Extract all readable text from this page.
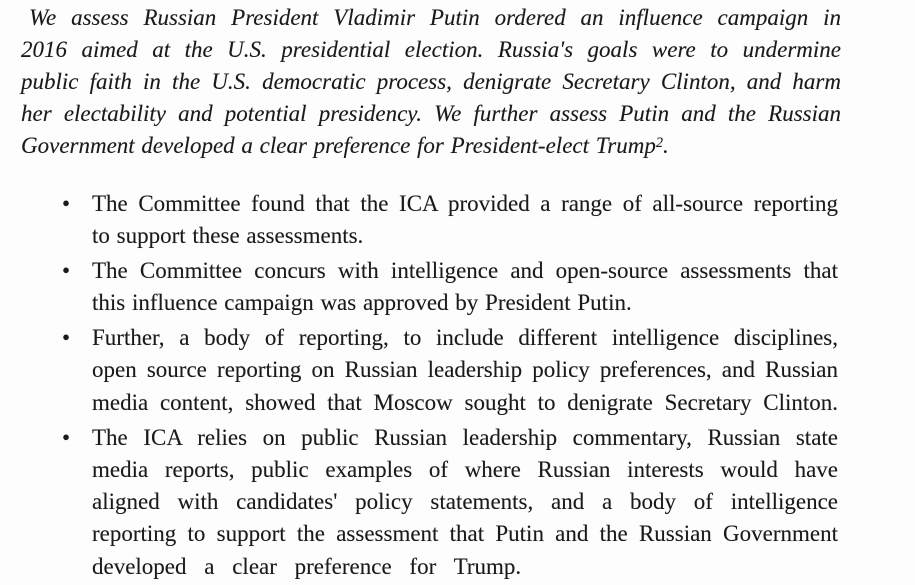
We assess Russian President Vladimir Putin ordered an influence campaign in
2016 aimed at the U.S. presidential election. Russia's goals were to undermine
public faith in the U.S. democratic process, denigrate Secretary Clinton, and harm
her electability and potential presidency. We further assess Putin and the Russian
Government developed a clear preference for President-elect Trump$^2$.
• The Committee found that the ICA provided a range of all-source reporting
to support these assessments.
• The Committee concurs with intelligence and open-source assessments that
this influence campaign was approved by President Putin.
• Further, a body of reporting, to include different intelligence disciplines,
open source reporting on Russian leadership policy preferences, and Russian
media content, showed that Moscow sought to denigrate Secretary Clinton.
• The ICA relies on public Russian leadership commentary, Russian state
media reports, public examples of where Russian interests would have
aligned with candidates' policy statements, and a body of intelligence
reporting to support the assessment that Putin and the Russian Government
developed a clear preference for Trump.
